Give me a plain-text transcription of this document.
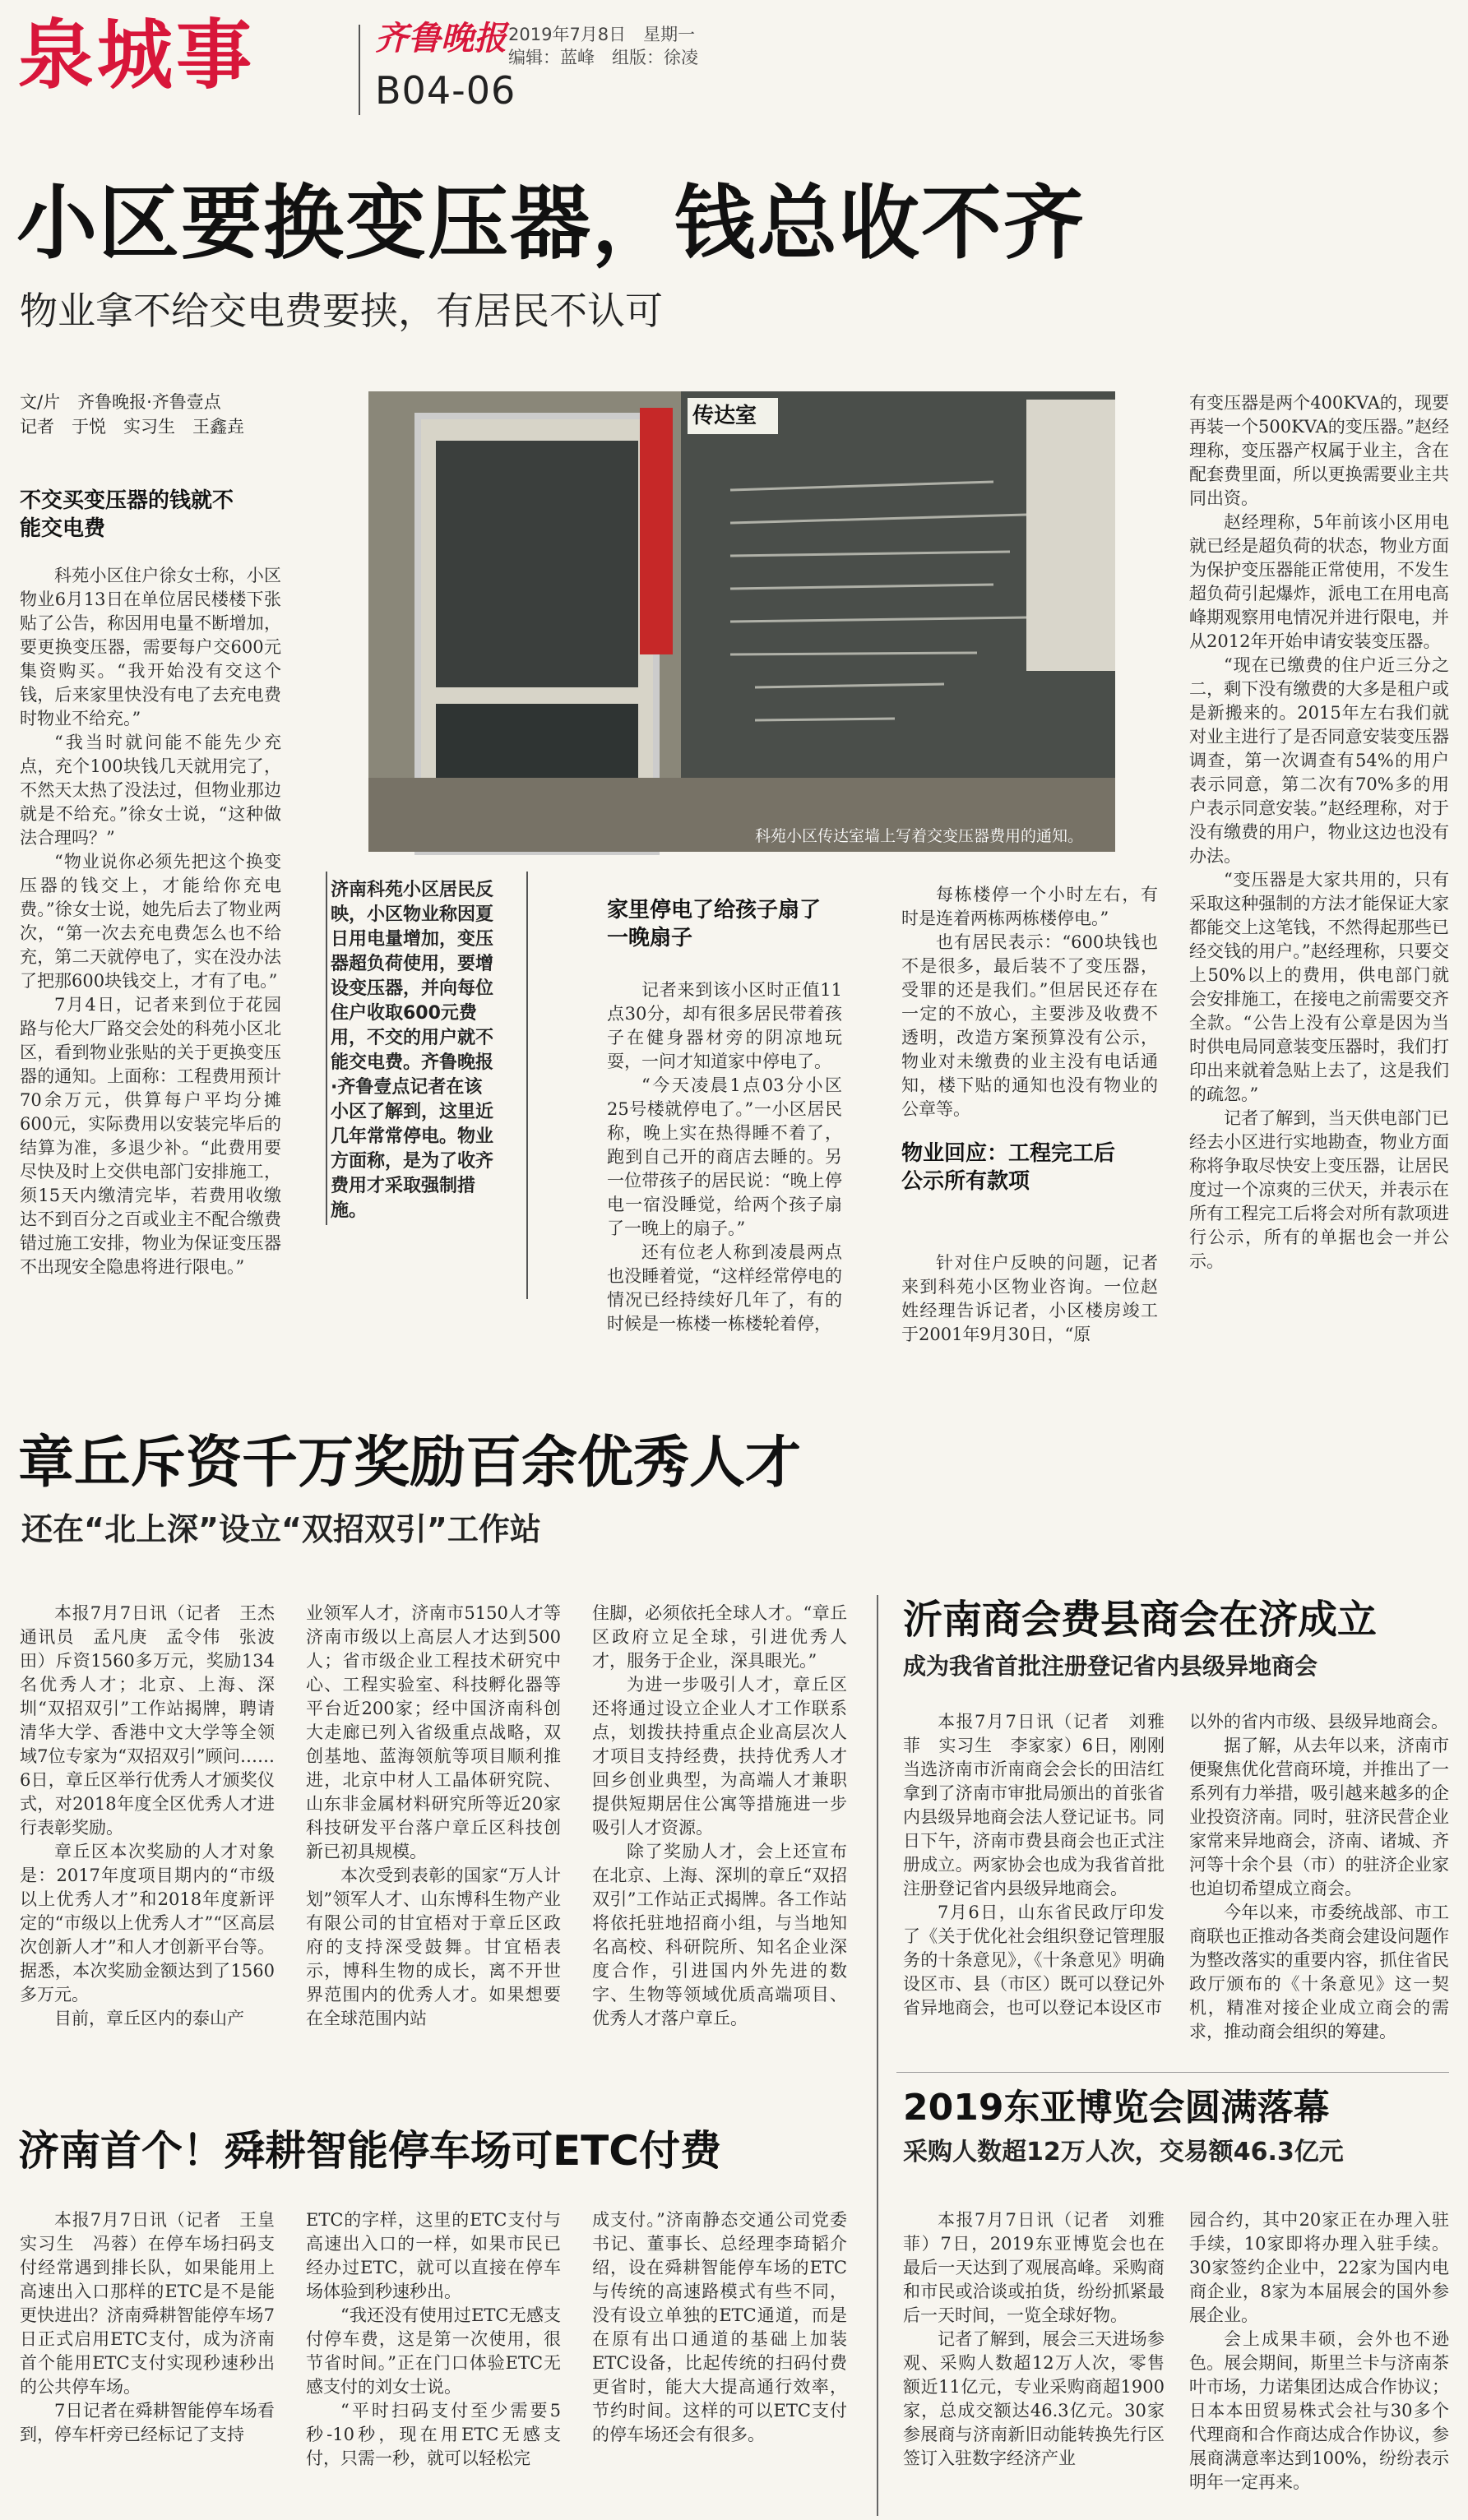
泉城事	齐鲁晚报
B04-06
2019年7月8日　星期一
编辑：蓝峰　组版：徐凌
小区要换变压器，钱总收不齐
物业拿不给交电费要挟，有居民不认可
文/片　齐鲁晚报·齐鲁壹点
记者　于悦　实习生　王鑫垚
不交买变压器的钱就不能交电费

科苑小区住户徐女士称，小区物业6月13日在单位居民楼楼下张贴了公告，称因用电量不断增加，要更换变压器，需要每户交600元集资购买。“我开始没有交这个钱，后来家里快没有电了去充电费时物业不给充。”

“我当时就问能不能先少充点，充个100块钱几天就用完了，不然天太热了没法过，但物业那边就是不给充。”徐女士说，“这种做法合理吗？”

“物业说你必须先把这个换变压器的钱交上，才能给你充电费。”徐女士说，她先后去了物业两次，“第一次去充电费怎么也不给充，第二天就停电了，实在没办法了把那600块钱交上，才有了电。”

7月4日，记者来到位于花园路与伦大厂路交会处的科苑小区北区，看到物业张贴的关于更换变压器的通知。上面称：工程费用预计70余万元，供算每户平均分摊600元，实际费用以安装完毕后的结算为准，多退少补。“此费用要尽快及时上交供电部门安排施工，须15天内缴清完毕，若费用收缴达不到百分之百或业主不配合缴费错过施工安排，物业为保证变压器不出现安全隐患将进行限电。”

传达室
科苑小区传达室墙上写着交变压器费用的通知。
济南科苑小区居民反映，小区物业称因夏日用电量增加，变压器超负荷使用，要增设变压器，并向每位住户收取600元费用，不交的用户就不能交电费。齐鲁晚报·齐鲁壹点记者在该小区了解到，这里近几年常常停电。物业方面称，是为了收齐费用才采取强制措施。
家里停电了给孩子扇了一晚扇子

记者来到该小区时正值11点30分，却有很多居民带着孩子在健身器材旁的阴凉地玩耍，一问才知道家中停电了。

“今天凌晨1点03分小区25号楼就停电了。”一小区居民称，晚上实在热得睡不着了，跑到自己开的商店去睡的。另一位带孩子的居民说：“晚上停电一宿没睡觉，给两个孩子扇了一晚上的扇子。”

还有位老人称到凌晨两点也没睡着觉，“这样经常停电的情况已经持续好几年了，有的时候是一栋楼一栋楼轮着停，

每栋楼停一个小时左右，有时是连着两栋两栋楼停电。”

也有居民表示：“600块钱也不是很多，最后装不了变压器，受罪的还是我们。”但居民还存在一定的不放心，主要涉及收费不透明，改造方案预算没有公示，物业对未缴费的业主没有电话通知，楼下贴的通知也没有物业的公章等。

物业回应：工程完工后公示所有款项

针对住户反映的问题，记者来到科苑小区物业咨询。一位赵姓经理告诉记者，小区楼房竣工于2001年9月30日，“原

有变压器是两个400KVA的，现要再装一个500KVA的变压器。”赵经理称，变压器产权属于业主，含在配套费里面，所以更换需要业主共同出资。

赵经理称，5年前该小区用电就已经是超负荷的状态，物业方面为保护变压器能正常使用，不发生超负荷引起爆炸，派电工在用电高峰期观察用电情况并进行限电，并从2012年开始申请安装变压器。

“现在已缴费的住户近三分之二，剩下没有缴费的大多是租户或是新搬来的。2015年左右我们就对业主进行了是否同意安装变压器调查，第一次调查有54%的用户表示同意，第二次有70%多的用户表示同意安装。”赵经理称，对于没有缴费的用户，物业这边也没有办法。

“变压器是大家共用的，只有采取这种强制的方法才能保证大家都能交上这笔钱，不然得起那些已经交钱的用户。”赵经理称，只要交上50%以上的费用，供电部门就会安排施工，在接电之前需要交齐全款。“公告上没有公章是因为当时供电局同意装变压器时，我们打印出来就着急贴上去了，这是我们的疏忽。”

记者了解到，当天供电部门已经去小区进行实地勘查，物业方面称将争取尽快安上变压器，让居民度过一个凉爽的三伏天，并表示在所有工程完工后将会对所有款项进行公示，所有的单据也会一并公示。

章丘斥资千万奖励百余优秀人才
还在“北上深”设立“双招双引”工作站

本报7月7日讯（记者　王杰　通讯员　孟凡庚　孟令伟　张波田）斥资1560多万元，奖励134名优秀人才；北京、上海、深圳“双招双引”工作站揭牌，聘请清华大学、香港中文大学等全领域7位专家为“双招双引”顾问……6日，章丘区举行优秀人才颁奖仪式，对2018年度全区优秀人才进行表彰奖励。

章丘区本次奖励的人才对象是：2017年度项目期内的“市级以上优秀人才”和2018年度新评定的“市级以上优秀人才”“区高层次创新人才”和人才创新平台等。据悉，本次奖励金额达到了1560多万元。

目前，章丘区内的泰山产

业领军人才，济南市5150人才等济南市级以上高层人才达到500人；省市级企业工程技术研究中心、工程实验室、科技孵化器等平台近200家；经中国济南科创大走廊已列入省级重点战略，双创基地、蓝海领航等项目顺利推进，北京中材人工晶体研究院、山东非金属材料研究所等近20家科技研发平台落户章丘区科技创新已初具规模。

本次受到表彰的国家“万人计划”领军人才、山东博科生物产业有限公司的甘宜梧对于章丘区政府的支持深受鼓舞。甘宜梧表示，博科生物的成长，离不开世界范围内的优秀人才。如果想要在全球范围内站

住脚，必须依托全球人才。“章丘区政府立足全球，引进优秀人才，服务于企业，深具眼光。”

为进一步吸引人才，章丘区还将通过设立企业人才工作联系点，划拨扶持重点企业高层次人才项目支持经费，扶持优秀人才回乡创业典型，为高端人才兼职提供短期居住公寓等措施进一步吸引人才资源。

除了奖励人才，会上还宣布在北京、上海、深圳的章丘“双招双引”工作站正式揭牌。各工作站将依托驻地招商小组，与当地知名高校、科研院所、知名企业深度合作，引进国内外先进的数字、生物等领域优质高端项目、优秀人才落户章丘。

沂南商会费县商会在济成立
成为我省首批注册登记省内县级异地商会

本报7月7日讯（记者　刘雅菲　实习生　李家家）6日，刚刚当选济南市沂南商会会长的田洁红拿到了济南市审批局颁出的首张省内县级异地商会法人登记证书。同日下午，济南市费县商会也正式注册成立。两家协会也成为我省首批注册登记省内县级异地商会。

7月6日，山东省民政厅印发了《关于优化社会组织登记管理服务的十条意见》，《十条意见》明确设区市、县（市区）既可以登记外省异地商会，也可以登记本设区市

以外的省内市级、县级异地商会。

据了解，从去年以来，济南市便聚焦优化营商环境，并推出了一系列有力举措，吸引越来越多的企业投资济南。同时，驻济民营企业家常来异地商会，济南、诸城、齐河等十余个县（市）的驻济企业家也迫切希望成立商会。

今年以来，市委统战部、市工商联也正推动各类商会建设问题作为整改落实的重要内容，抓住省民政厅颁布的《十条意见》这一契机，精准对接企业成立商会的需求，推动商会组织的筹建。

济南首个！舜耕智能停车场可ETC付费

本报7月7日讯（记者　王皇　实习生　冯蓉）在停车场扫码支付经常遇到排长队，如果能用上高速出入口那样的ETC是不是能更快进出？济南舜耕智能停车场7日正式启用ETC支付，成为济南首个能用ETC支付实现秒速秒出的公共停车场。

7日记者在舜耕智能停车场看到，停车杆旁已经标记了支持

ETC的字样，这里的ETC支付与高速出入口的一样，如果市民已经办过ETC，就可以直接在停车场体验到秒速秒出。

“我还没有使用过ETC无感支付停车费，这是第一次使用，很节省时间。”正在门口体验ETC无感支付的刘女士说。

“平时扫码支付至少需要5秒-10秒，现在用ETC无感支付，只需一秒，就可以轻松完

成支付。”济南静态交通公司党委书记、董事长、总经理李琦韬介绍，设在舜耕智能停车场的ETC与传统的高速路模式有些不同，没有设立单独的ETC通道，而是在原有出口通道的基础上加装ETC设备，比起传统的扫码付费更省时，能大大提高通行效率，节约时间。这样的可以ETC支付的停车场还会有很多。

2019东亚博览会圆满落幕
采购人数超12万人次，交易额46.3亿元

本报7月7日讯（记者　刘雅菲）7日，2019东亚博览会也在最后一天达到了观展高峰。采购商和市民或洽谈或拍货，纷纷抓紧最后一天时间，一览全球好物。

记者了解到，展会三天进场参观、采购人数超12万人次，零售额近11亿元，专业采购商超1900家，总成交额达46.3亿元。30家参展商与济南新旧动能转换先行区签订入驻数字经济产业

园合约，其中20家正在办理入驻手续，10家即将办理入驻手续。30家签约企业中，22家为国内电商企业，8家为本届展会的国外参展企业。

会上成果丰硕，会外也不逊色。展会期间，斯里兰卡与济南茶叶市场，力诺集团达成合作协议；日本本田贸易株式会社与30多个代理商和合作商达成合作协议，参展商满意率达到100%，纷纷表示明年一定再来。
